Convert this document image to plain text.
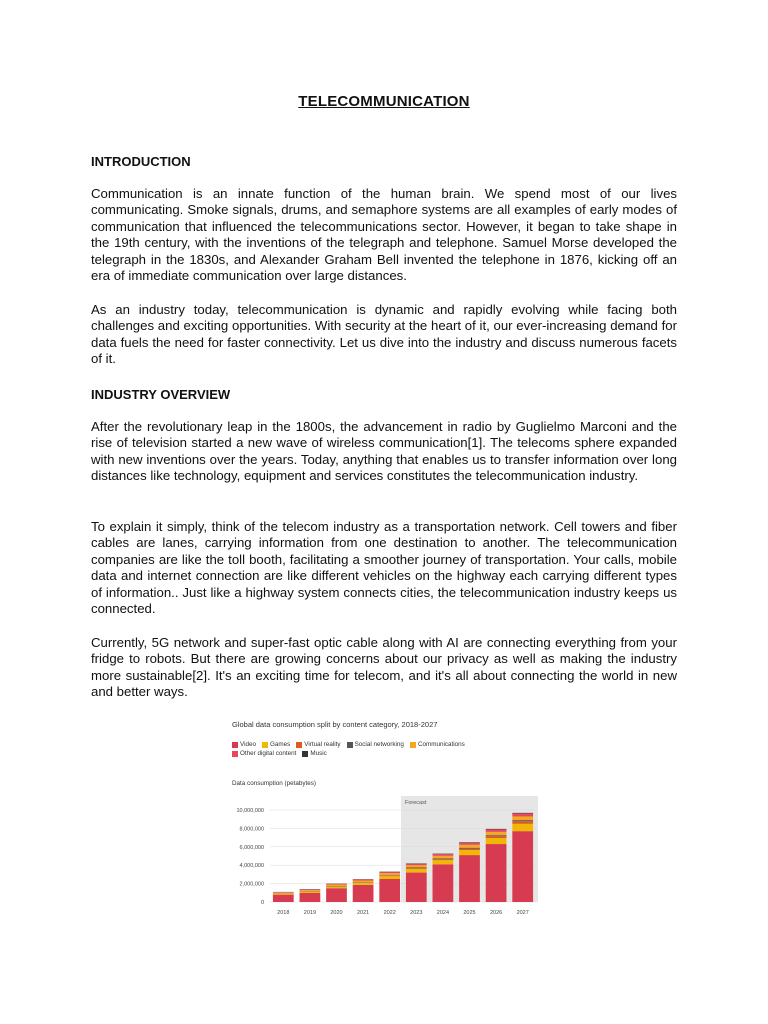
TELECOMMUNICATION
INTRODUCTION

Communication is an innate function of the human brain. We spend most of our lives communicating. Smoke signals, drums, and semaphore systems are all examples of early modes of communication that influenced the telecommunications sector. However, it began to take shape in the 19th century, with the inventions of the telegraph and telephone. Samuel Morse developed the telegraph in the 1830s, and Alexander Graham Bell invented the telephone in 1876, kicking off an era of immediate communication over large distances.

As an industry today, telecommunication is dynamic and rapidly evolving while facing both challenges and exciting opportunities. With security at the heart of it, our ever-increasing demand for data fuels the need for faster connectivity. Let us dive into the industry and discuss numerous facets of it.

INDUSTRY OVERVIEW

After the revolutionary leap in the 1800s, the advancement in radio by Guglielmo Marconi and the rise of television started a new wave of wireless communication[1]. The telecoms sphere expanded with new inventions over the years. Today, anything that enables us to transfer information over long distances like technology, equipment and services constitutes the telecommunication industry.

To explain it simply, think of the telecom industry as a transportation network. Cell towers and fiber cables are lanes, carrying information from one destination to another. The telecommunication companies are like the toll booth, facilitating a smoother journey of transportation. Your calls, mobile data and internet connection are like different vehicles on the highway each carrying different types of information.. Just like a highway system connects cities, the telecommunication industry keeps us connected.

Currently, 5G network and super-fast optic cable along with AI are connecting everything from your fridge to robots. But there are growing concerns about our privacy as well as making the industry more sustainable[2]. It's an exciting time for telecom, and it's all about connecting the world in new and better ways.

Global data consumption split by content category, 2018-2027
Video Games Virtual reality Social networking Communications
Other digital content Music
Data consumption (petabytes)
Forecast
0
2,000,000
4,000,000
6,000,000
8,000,000
10,000,000
2018	2019	2020	2021	2022	2023	2024	2025	2026	2027
